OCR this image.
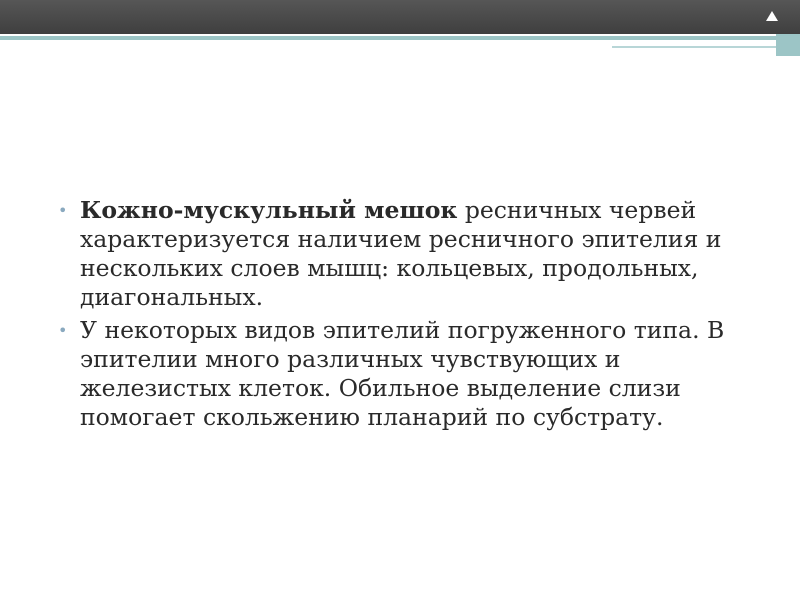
• Кожно-мускульный мешок ресничных червей характеризуется наличием ресничного эпителия и нескольких слоев мышц: кольцевых, продольных, диагональных.
• У некоторых видов эпителий погруженного типа. В эпителии много различных чувствующих и железистых клеток. Обильное выделение слизи помогает скольжению планарий по субстрату.
